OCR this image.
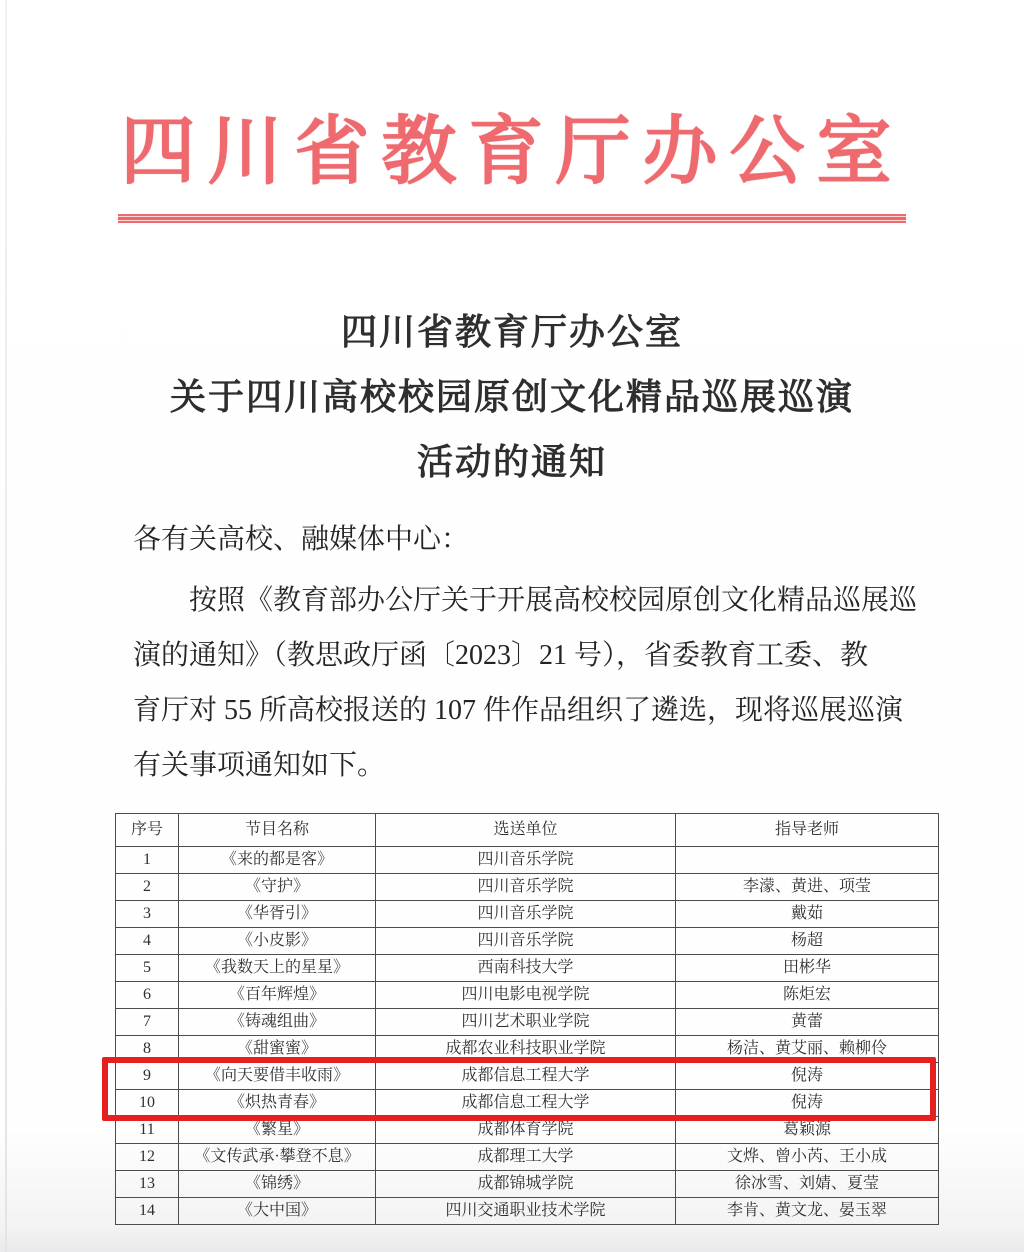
四川省教育厅办公室
四川省教育厅办公室
关于四川高校校园原创文化精品巡展巡演
活动的通知
各有关高校、融媒体中心：
按照《教育部办公厅关于开展高校校园原创文化精品巡展巡
演的通知》（教思政厅函〔2023〕21 号），省委教育工委、教
育厅对 55 所高校报送的 107 件作品组织了遴选，现将巡展巡演
有关事项通知如下。
序号	节目名称	选送单位	指导老师
1	《来的都是客》	四川音乐学院	
2	《守护》	四川音乐学院	李濛、黄进、项莹
3	《华胥引》	四川音乐学院	戴茹
4	《小皮影》	四川音乐学院	杨超
5	《我数天上的星星》	西南科技大学	田彬华
6	《百年辉煌》	四川电影电视学院	陈炬宏
7	《铸魂组曲》	四川艺术职业学院	黄蕾
8	《甜蜜蜜》	成都农业科技职业学院	杨洁、黄艾丽、赖柳伶
9	《向天要借丰收雨》	成都信息工程大学	倪涛
10	《炽热青春》	成都信息工程大学	倪涛
11	《繁星》	成都体育学院	葛颖源
12	《文传武承·攀登不息》	成都理工大学	文烨、曾小芮、王小成
13	《锦绣》	成都锦城学院	徐冰雪、刘婧、夏莹
14	《大中国》	四川交通职业技术学院	李肯、黄文龙、晏玉翠
